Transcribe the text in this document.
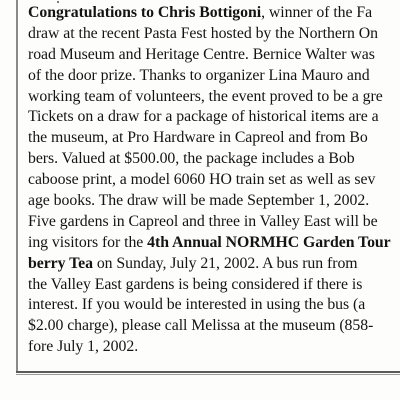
Congratulations to Chris Bottigoni, winner of the Fa
draw at the recent Pasta Fest hosted by the Northern On
road Museum and Heritage Centre. Bernice Walter was
of the door prize. Thanks to organizer Lina Mauro and
working team of volunteers, the event proved to be a gre
Tickets on a draw for a package of historical items are a
the museum, at Pro Hardware in Capreol and from Bo
bers. Valued at $500.00, the package includes a Bob
caboose print, a model 6060 HO train set as well as sev
age books. The draw will be made September 1, 2002.
Five gardens in Capreol and three in Valley East will be
ing visitors for the 4th Annual NORMHC Garden Tour
berry Tea on Sunday, July 21, 2002. A bus run from
the Valley East gardens is being considered if there is
interest. If you would be interested in using the bus (a
$2.00 charge), please call Melissa at the museum (858-
fore July 1, 2002.
